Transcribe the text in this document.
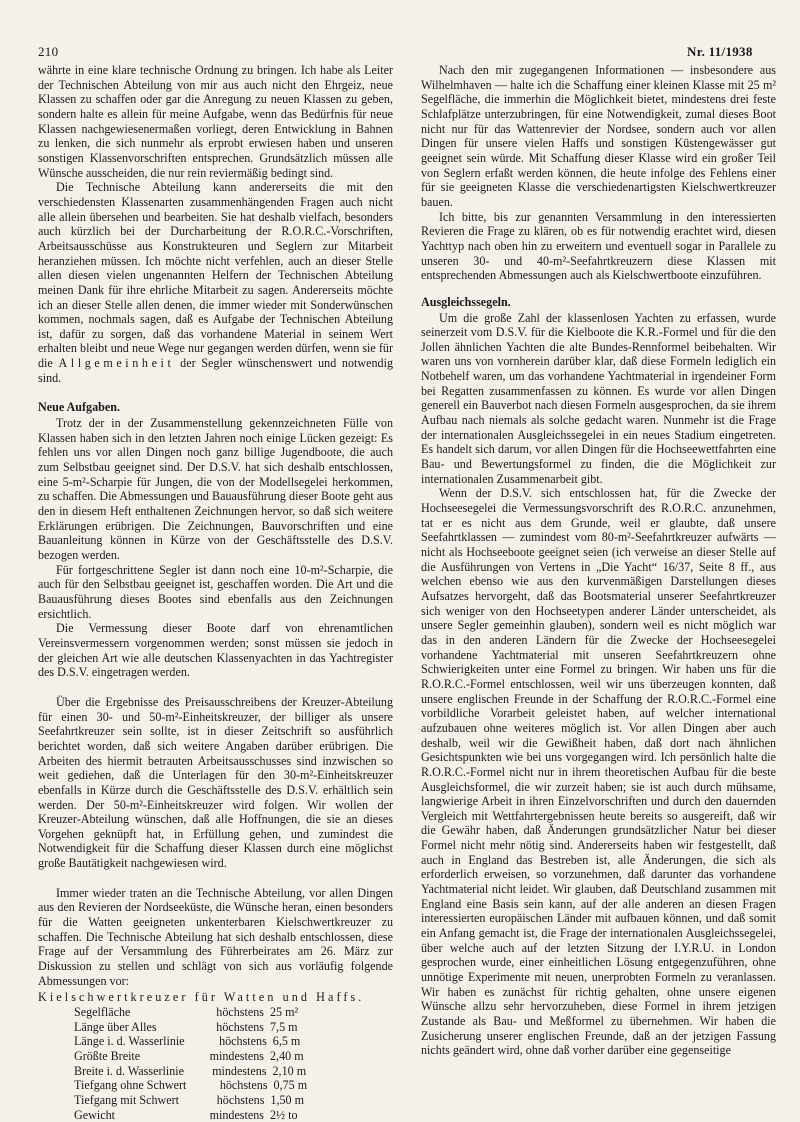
210	Nr. 11/1938

währte in eine klare technische Ordnung zu bringen. Ich habe als Leiter der Technischen Abteilung von mir aus auch nicht den Ehrgeiz, neue Klassen zu schaffen oder gar die Anregung zu neuen Klassen zu geben, sondern halte es allein für meine Aufgabe, wenn das Bedürfnis für neue Klassen nachgewiesenermaßen vorliegt, deren Entwicklung in Bahnen zu lenken, die sich nunmehr als erprobt erwiesen haben und unseren sonstigen Klassenvorschriften entsprechen. Grundsätzlich müssen alle Wünsche ausscheiden, die nur rein reviermäßig bedingt sind.

Die Technische Abteilung kann andererseits die mit den verschiedensten Klassenarten zusammenhängenden Fragen auch nicht alle allein übersehen und bearbeiten. Sie hat deshalb vielfach, besonders auch kürzlich bei der Durcharbeitung der R.O.R.C.-Vorschriften, Arbeitsausschüsse aus Konstrukteuren und Seglern zur Mitarbeit heranziehen müssen. Ich möchte nicht verfehlen, auch an dieser Stelle allen diesen vielen ungenannten Helfern der Technischen Abteilung meinen Dank für ihre ehrliche Mitarbeit zu sagen. Andererseits möchte ich an dieser Stelle allen denen, die immer wieder mit Sonderwünschen kommen, nochmals sagen, daß es Aufgabe der Technischen Abteilung ist, dafür zu sorgen, daß das vorhandene Material in seinem Wert erhalten bleibt und neue Wege nur gegangen werden dürfen, wenn sie für die Allgemeinheit der Segler wünschenswert und notwendig sind.

Neue Aufgaben.

Trotz der in der Zusammenstellung gekennzeichneten Fülle von Klassen haben sich in den letzten Jahren noch einige Lücken gezeigt: Es fehlen uns vor allen Dingen noch ganz billige Jugendboote, die auch zum Selbstbau geeignet sind. Der D.S.V. hat sich deshalb entschlossen, eine 5-m²-Scharpie für Jungen, die von der Modellsegelei herkommen, zu schaffen. Die Abmessungen und Bauausführung dieser Boote geht aus den in diesem Heft enthaltenen Zeichnungen hervor, so daß sich weitere Erklärungen erübrigen. Die Zeichnungen, Bauvorschriften und eine Bauanleitung können in Kürze von der Geschäftsstelle des D.S.V. bezogen werden.

Für fortgeschrittene Segler ist dann noch eine 10-m²-Scharpie, die auch für den Selbstbau geeignet ist, geschaffen worden. Die Art und die Bauausführung dieses Bootes sind ebenfalls aus den Zeichnungen ersichtlich.

Die Vermessung dieser Boote darf von ehrenamtlichen Vereinsvermessern vorgenommen werden; sonst müssen sie jedoch in der gleichen Art wie alle deutschen Klassenyachten in das Yachtregister des D.S.V. eingetragen werden.

Über die Ergebnisse des Preisausschreibens der Kreuzer-Abteilung für einen 30- und 50-m²-Einheitskreuzer, der billiger als unsere Seefahrtkreuzer sein sollte, ist in dieser Zeitschrift so ausführlich berichtet worden, daß sich weitere Angaben darüber erübrigen. Die Arbeiten des hiermit betrauten Arbeitsausschusses sind inzwischen so weit gediehen, daß die Unterlagen für den 30-m²-Einheitskreuzer ebenfalls in Kürze durch die Geschäftsstelle des D.S.V. erhältlich sein werden. Der 50-m²-Einheitskreuzer wird folgen. Wir wollen der Kreuzer-Abteilung wünschen, daß alle Hoffnungen, die sie an dieses Vorgehen geknüpft hat, in Erfüllung gehen, und zumindest die Notwendigkeit für die Schaffung dieser Klassen durch eine möglichst große Bautätigkeit nachgewiesen wird.

Immer wieder traten an die Technische Abteilung, vor allen Dingen aus den Revieren der Nordseeküste, die Wünsche heran, einen besonders für die Watten geeigneten unkenterbaren Kielschwertkreuzer zu schaffen. Die Technische Abteilung hat sich deshalb entschlossen, diese Frage auf der Versammlung des Führerbeirates am 26. März zur Diskussion zu stellen und schlägt von sich aus vorläufig folgende Abmessungen vor:

Kielschwertkreuzer für Watten und Haffs.
Segelfläche	höchstens 25 m²
Länge über Alles	höchstens 7,5 m
Länge i. d. Wasserlinie	höchstens 6,5 m
Größte Breite	mindestens 2,40 m
Breite i. d. Wasserlinie	mindestens 2,10 m
Tiefgang ohne Schwert	höchstens 0,75 m
Tiefgang mit Schwert	höchstens 1,50 m
Gewicht	mindestens 2½ to

Nach den mir zugegangenen Informationen — insbesondere aus Wilhelmhaven — halte ich die Schaffung einer kleinen Klasse mit 25 m² Segelfläche, die immerhin die Möglichkeit bietet, mindestens drei feste Schlafplätze unterzubringen, für eine Notwendigkeit, zumal dieses Boot nicht nur für das Wattenrevier der Nordsee, sondern auch vor allen Dingen für unsere vielen Haffs und sonstigen Küstengewässer gut geeignet sein würde. Mit Schaffung dieser Klasse wird ein großer Teil von Seglern erfaßt werden können, die heute infolge des Fehlens einer für sie geeigneten Klasse die verschiedenartigsten Kielschwertkreuzer bauen.

Ich bitte, bis zur genannten Versammlung in den interessierten Revieren die Frage zu klären, ob es für notwendig erachtet wird, diesen Yachttyp nach oben hin zu erweitern und eventuell sogar in Parallele zu unseren 30- und 40-m²-Seefahrtkreuzern diese Klassen mit entsprechenden Abmessungen auch als Kielschwertboote einzuführen.

Ausgleichssegeln.

Um die große Zahl der klassenlosen Yachten zu erfassen, wurde seinerzeit vom D.S.V. für die Kielboote die K.R.-Formel und für die den Jollen ähnlichen Yachten die alte Bundes-Rennformel beibehalten. Wir waren uns von vornherein darüber klar, daß diese Formeln lediglich ein Notbehelf waren, um das vorhandene Yachtmaterial in irgendeiner Form bei Regatten zusammenfassen zu können. Es wurde vor allen Dingen generell ein Bauverbot nach diesen Formeln ausgesprochen, da sie ihrem Aufbau nach niemals als solche gedacht waren. Nunmehr ist die Frage der internationalen Ausgleichssegelei in ein neues Stadium eingetreten. Es handelt sich darum, vor allen Dingen für die Hochseewettfahrten eine Bau- und Bewertungsformel zu finden, die die Möglichkeit zur internationalen Zusammenarbeit gibt.

Wenn der D.S.V. sich entschlossen hat, für die Zwecke der Hochseesegelei die Vermessungsvorschrift des R.O.R.C. anzunehmen, tat er es nicht aus dem Grunde, weil er glaubte, daß unsere Seefahrtklassen — zumindest vom 80-m²-Seefahrtkreuzer aufwärts — nicht als Hochseeboote geeignet seien (ich verweise an dieser Stelle auf die Ausführungen von Vertens in „Die Yacht“ 16/37, Seite 8 ff., aus welchen ebenso wie aus den kurvenmäßigen Darstellungen dieses Aufsatzes hervorgeht, daß das Bootsmaterial unserer Seefahrtkreuzer sich weniger von den Hochseetypen anderer Länder unterscheidet, als unsere Segler gemeinhin glauben), sondern weil es nicht möglich war das in den anderen Ländern für die Zwecke der Hochseesegelei vorhandene Yachtmaterial mit unseren Seefahrtkreuzern ohne Schwierigkeiten unter eine Formel zu bringen. Wir haben uns für die R.O.R.C.-Formel entschlossen, weil wir uns überzeugen konnten, daß unsere englischen Freunde in der Schaffung der R.O.R.C.-Formel eine vorbildliche Vorarbeit geleistet haben, auf welcher international aufzubauen ohne weiteres möglich ist. Vor allen Dingen aber auch deshalb, weil wir die Gewißheit haben, daß dort nach ähnlichen Gesichtspunkten wie bei uns vorgegangen wird. Ich persönlich halte die R.O.R.C.-Formel nicht nur in ihrem theoretischen Aufbau für die beste Ausgleichsformel, die wir zurzeit haben; sie ist auch durch mühsame, langwierige Arbeit in ihren Einzelvorschriften und durch den dauernden Vergleich mit Wettfahrtergebnissen heute bereits so ausgereift, daß wir die Gewähr haben, daß Änderungen grundsätzlicher Natur bei dieser Formel nicht mehr nötig sind. Andererseits haben wir festgestellt, daß auch in England das Bestreben ist, alle Änderungen, die sich als erforderlich erweisen, so vorzunehmen, daß darunter das vorhandene Yachtmaterial nicht leidet. Wir glauben, daß Deutschland zusammen mit England eine Basis sein kann, auf der alle anderen an diesen Fragen interessierten europäischen Länder mit aufbauen können, und daß somit ein Anfang gemacht ist, die Frage der internationalen Ausgleichssegelei, über welche auch auf der letzten Sitzung der I.Y.R.U. in London gesprochen wurde, einer einheitlichen Lösung entgegenzuführen, ohne unnötige Experimente mit neuen, unerprobten Formeln zu veranlassen. Wir haben es zunächst für richtig gehalten, ohne unsere eigenen Wünsche allzu sehr hervorzuheben, diese Formel in ihrem jetzigen Zustande als Bau- und Meßformel zu übernehmen. Wir haben die Zusicherung unserer englischen Freunde, daß an der jetzigen Fassung nichts geändert wird, ohne daß vorher darüber eine gegenseitige
